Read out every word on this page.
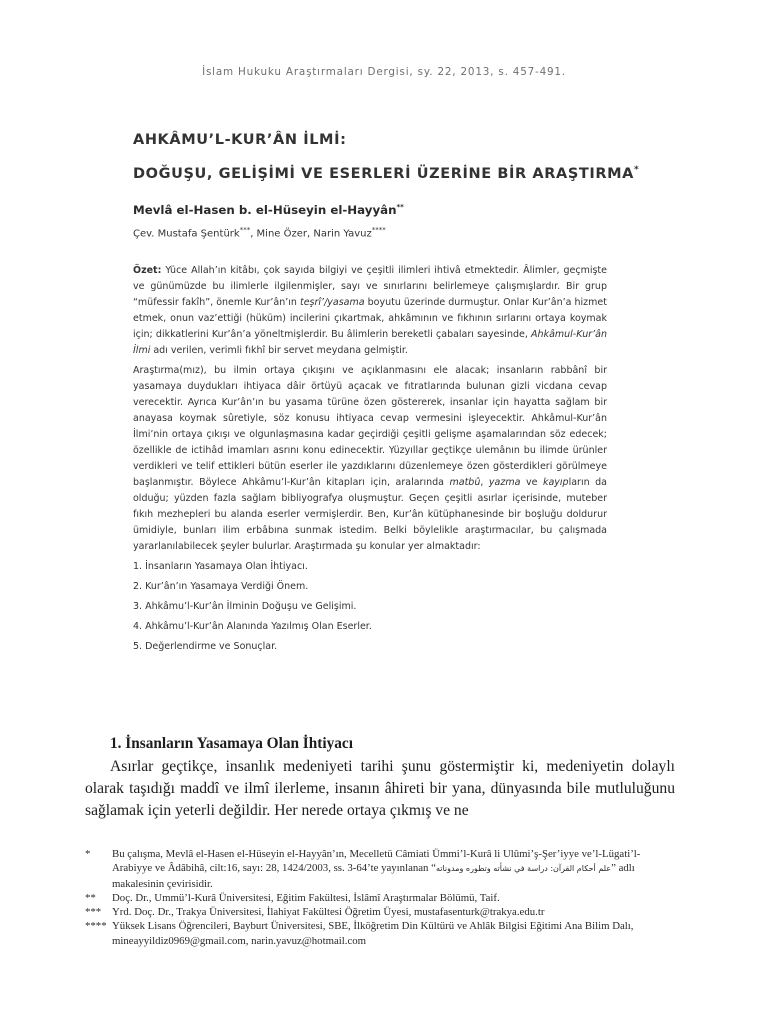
İslam Hukuku Araştırmaları Dergisi, sy. 22, 2013, s. 457-491.
AHKÂMU’L-KUR’ÂN İLMİ:
DOĞUŞU, GELİŞİMİ VE ESERLERİ ÜZERİNE BİR ARAŞTIRMA*
Mevlâ el-Hasen b. el-Hüseyin el-Hayyân**
Çev. Mustafa Şentürk***, Mine Özer, Narin Yavuz****

Özet: Yüce Allah’ın kitâbı, çok sayıda bilgiyi ve çeşitli ilimleri ihtivâ etmektedir. Âlimler, geçmişte ve günümüzde bu ilimlerle ilgilenmişler, sayı ve sınırlarını belirlemeye çalışmışlardır. Bir grup “müfessir fakîh”, önemle Kur’ân’ın teşrî’/yasama boyutu üzerinde durmuştur. Onlar Kur’ân’a hizmet etmek, onun vaz’ettiği (hüküm) incilerini çıkartmak, ahkâmının ve fıkhının sırlarını ortaya koymak için; dikkatlerini Kur’ân’a yöneltmişlerdir. Bu âlimlerin bereketli çabaları sayesinde, Ahkâmul-Kur’ân İlmi adı verilen, verimli fıkhî bir servet meydana gelmiştir.

Araştırma(mız), bu ilmin ortaya çıkışını ve açıklanmasını ele alacak; insanların rabbânî bir yasamaya duydukları ihtiyaca dâir örtüyü açacak ve fıtratlarında bulunan gizli vicdana cevap verecektir. Ayrıca Kur’ân’ın bu yasama türüne özen göstererek, insanlar için hayatta sağlam bir anayasa koymak sûretiyle, söz konusu ihtiyaca cevap vermesini işleyecektir. Ahkâmul-Kur’ân İlmi’nin ortaya çıkışı ve olgunlaşmasına kadar geçirdiği çeşitli gelişme aşamalarından söz edecek; özellikle de ictihâd imamları asrını konu edinecektir. Yüzyıllar geçtikçe ulemânın bu ilimde ürünler verdikleri ve telif ettikleri bütün eserler ile yazdıklarını düzenlemeye özen gösterdikleri görülmeye başlanmıştır. Böylece Ahkâmu’l-Kur’ân kitapları için, aralarında matbû, yazma ve kayıpların da olduğu; yüzden fazla sağlam bibliyografya oluşmuştur. Geçen çeşitli asırlar içerisinde, muteber fıkıh mezhepleri bu alanda eserler vermişlerdir. Ben, Kur’ân kütüphanesinde bir boşluğu doldurur ümidiyle, bunları ilim erbâbına sunmak istedim. Belki böylelikle araştırmacılar, bu çalışmada yararlanılabilecek şeyler bulurlar. Araştırmada şu konular yer almaktadır:

1. İnsanların Yasamaya Olan İhtiyacı.
2. Kur’ân’ın Yasamaya Verdiği Önem.
3. Ahkâmu’l-Kur’ân İlminin Doğuşu ve Gelişimi.
4. Ahkâmu’l-Kur’ân Alanında Yazılmış Olan Eserler.
5. Değerlendirme ve Sonuçlar.
1. İnsanların Yasamaya Olan İhtiyacı

Asırlar geçtikçe, insanlık medeniyeti tarihi şunu göstermiştir ki, medeniyetin dolaylı olarak taşıdığı maddî ve ilmî ilerleme, insanın âhireti bir yana, dünyasında bile mutluluğunu sağlamak için yeterli değildir. Her nerede ortaya çıkmış ve ne

*	Bu çalışma, Mevlâ el-Hasen el-Hüseyin el-Hayyân’ın, Mecelletü Câmiati Ümmi’l-Kurâ li Ulûmi’ş-Şer’iyye ve’l-Lügati’l-Arabiyye ve Âdâbihâ, cilt:16, sayı: 28, 1424/2003, ss. 3-64’te yayınlanan “علم أحكام القرآن: دراسة في نشأته وتطوره ومدوناته” adlı makalesinin çevirisidir.
**	Doç. Dr., Ummü’l-Kurâ Üniversitesi, Eğitim Fakültesi, İslâmî Araştırmalar Bölümü, Taif.
*** Yrd. Doç. Dr., Trakya Üniversitesi, İlahiyat Fakültesi Öğretim Üyesi, mustafasenturk@trakya.edu.tr
**** Yüksek Lisans Öğrencileri, Bayburt Üniversitesi, SBE, İlköğretim Din Kültürü ve Ahlâk Bilgisi Eğitimi Ana Bilim Dalı, mineayyildiz0969@gmail.com, narin.yavuz@hotmail.com
